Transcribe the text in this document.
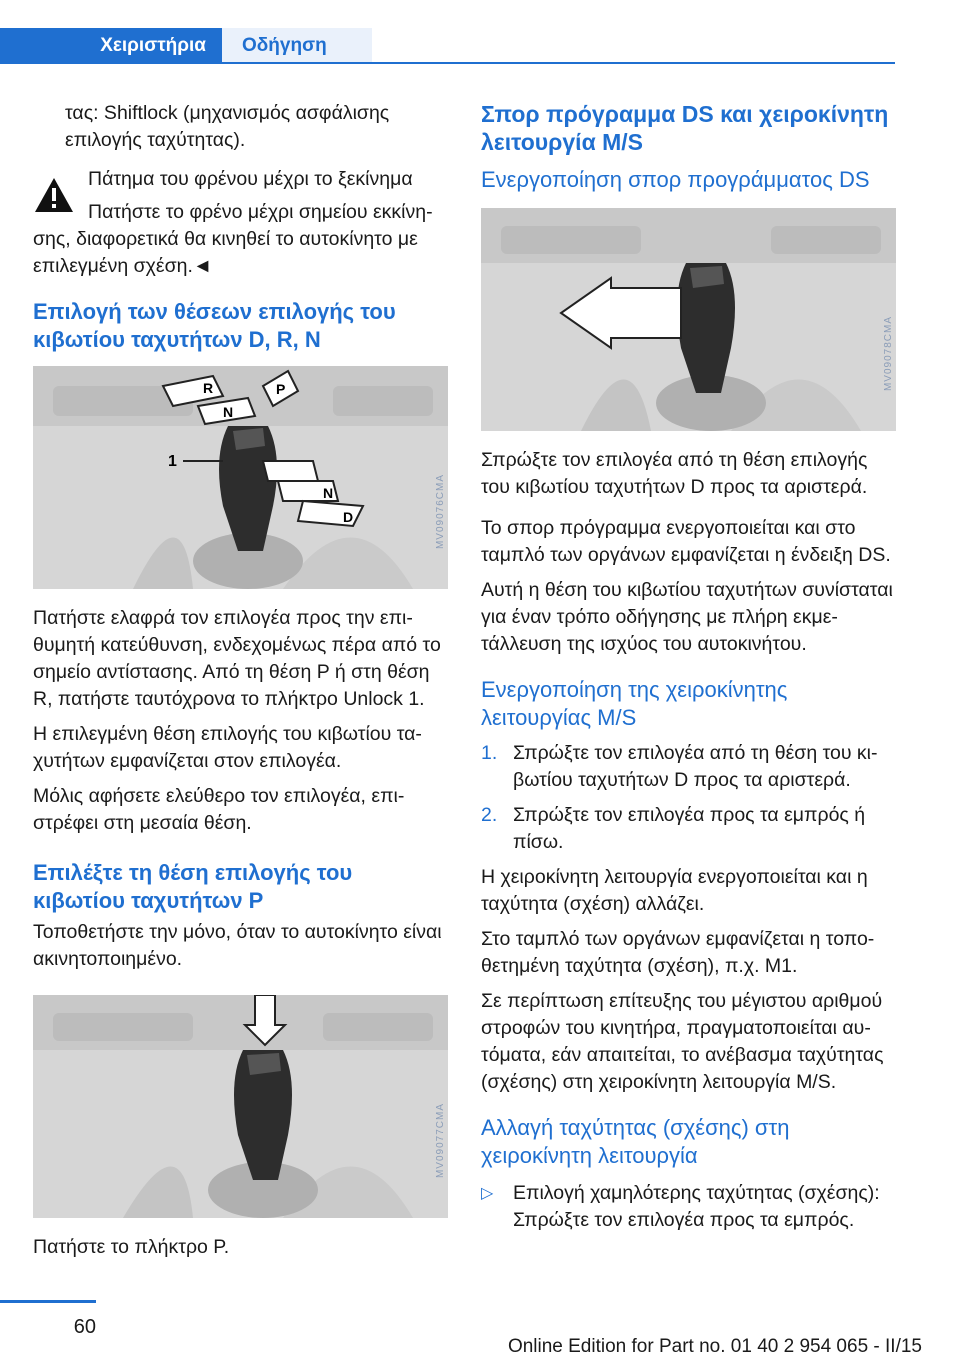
Χειριστήρια	Οδήγηση

τας: Shiftlock (μηχανισμός ασφάλισης επιλογής ταχύτητας).

Πάτημα του φρένου μέχρι το ξεκίνημα

Πατήστε το φρένο μέχρι σημείου εκκίνησης, διαφορετικά θα κινηθεί το αυτοκίνητο με επιλεγμένη σχέση.◄

Επιλογή των θέσεων επιλογής του κιβωτίου ταχυτήτων D, R, N
R
N
P
N
D
1
MV09076CMA

Πατήστε ελαφρά τον επιλογέα προς την επιθυμητή κατεύθυνση, ενδεχομένως πέρα από το σημείο αντίστασης. Από τη θέση P ή στη θέση R, πατήστε ταυτόχρονα το πλήκτρο Unlock 1.

Η επιλεγμένη θέση επιλογής του κιβωτίου ταχυτήτων εμφανίζεται στον επιλογέα.

Μόλις αφήσετε ελεύθερο τον επιλογέα, επιστρέφει στη μεσαία θέση.

Επιλέξτε τη θέση επιλογής του κιβωτίου ταχυτήτων P

Τοποθετήστε την μόνο, όταν το αυτοκίνητο είναι ακινητοποιημένο.

MV09077CMA

Πατήστε το πλήκτρο P.

Σπορ πρόγραμμα DS και χειροκίνητη λειτουργία M/S
Ενεργοποίηση σπορ προγράμματος DS
MV09078CMA

Σπρώξτε τον επιλογέα από τη θέση επιλογής του κιβωτίου ταχυτήτων D προς τα αριστερά.

Το σπορ πρόγραμμα ενεργοποιείται και στο ταμπλό των οργάνων εμφανίζεται η ένδειξη DS.

Αυτή η θέση του κιβωτίου ταχυτήτων συνίσταται για έναν τρόπο οδήγησης με πλήρη εκμετάλλευση της ισχύος του αυτοκινήτου.

Ενεργοποίηση της χειροκίνητης λειτουργίας M/S
1. Σπρώξτε τον επιλογέα από τη θέση του κιβωτίου ταχυτήτων D προς τα αριστερά.
2. Σπρώξτε τον επιλογέα προς τα εμπρός ή πίσω.

Η χειροκίνητη λειτουργία ενεργοποιείται και η ταχύτητα (σχέση) αλλάζει.

Στο ταμπλό των οργάνων εμφανίζεται η τοποθετημένη ταχύτητα (σχέση), π.χ. M1.

Σε περίπτωση επίτευξης του μέγιστου αριθμού στροφών του κινητήρα, πραγματοποιείται αυτόματα, εάν απαιτείται, το ανέβασμα ταχύτητας (σχέσης) στη χειροκίνητη λειτουργία M/S.

Αλλαγή ταχύτητας (σχέσης) στη χειροκίνητη λειτουργία
▷ Επιλογή χαμηλότερης ταχύτητας (σχέσης): Σπρώξτε τον επιλογέα προς τα εμπρός.
60
Online Edition for Part no. 01 40 2 954 065 - II/15
